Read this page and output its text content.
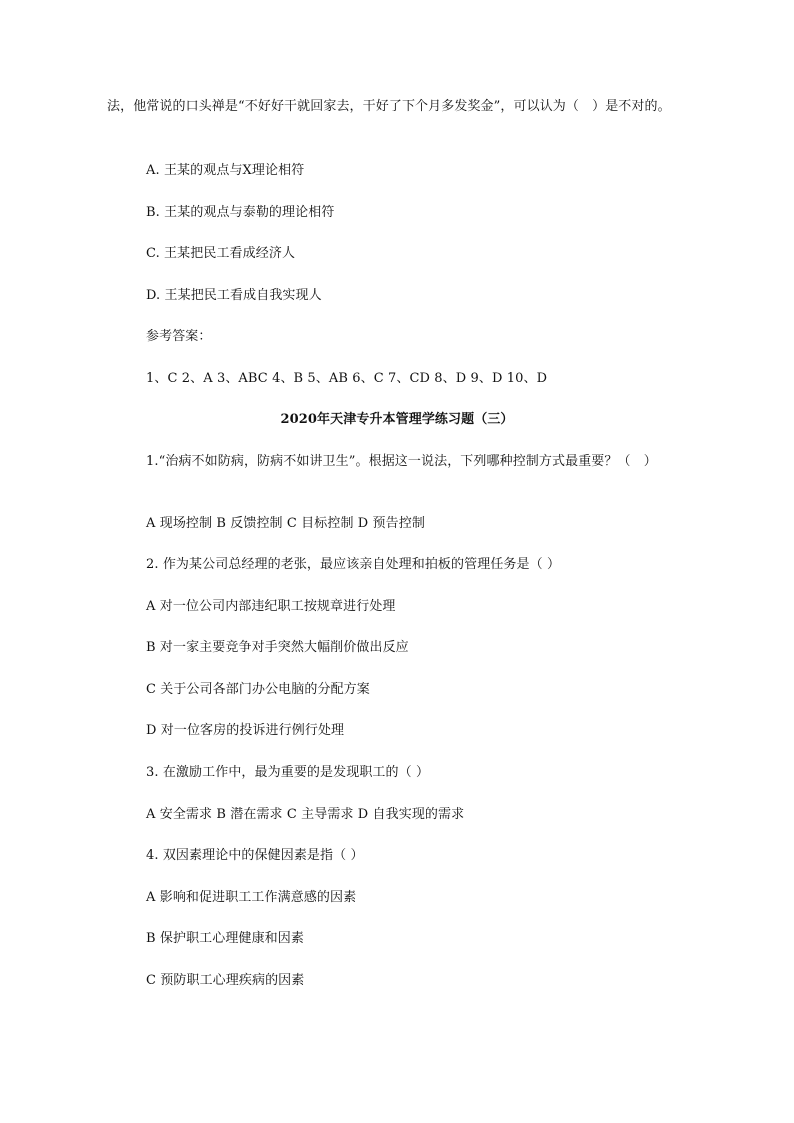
法，他常说的口头禅是“不好好干就回家去，干好了下个月多发奖金”，可以认为（　）是不对的。
A. 王某的观点与X理论相符
B. 王某的观点与泰勒的理论相符
C. 王某把民工看成经济人
D. 王某把民工看成自我实现人
参考答案：
1、C 2、A 3、ABC 4、B 5、AB 6、C 7、CD 8、D 9、D 10、D
2020年天津专升本管理学练习题（三）
1.“治病不如防病，防病不如讲卫生”。根据这一说法，下列哪种控制方式最重要？（　）
A 现场控制 B 反馈控制 C 目标控制 D 预告控制
2. 作为某公司总经理的老张，最应该亲自处理和拍板的管理任务是（ ）
A 对一位公司内部违纪职工按规章进行处理
B 对一家主要竞争对手突然大幅削价做出反应
C 关于公司各部门办公电脑的分配方案
D 对一位客房的投诉进行例行处理
3. 在激励工作中，最为重要的是发现职工的（ ）
A 安全需求 B 潜在需求 C 主导需求 D 自我实现的需求
4. 双因素理论中的保健因素是指（ ）
A 影响和促进职工工作满意感的因素
B 保护职工心理健康和因素
C 预防职工心理疾病的因素
